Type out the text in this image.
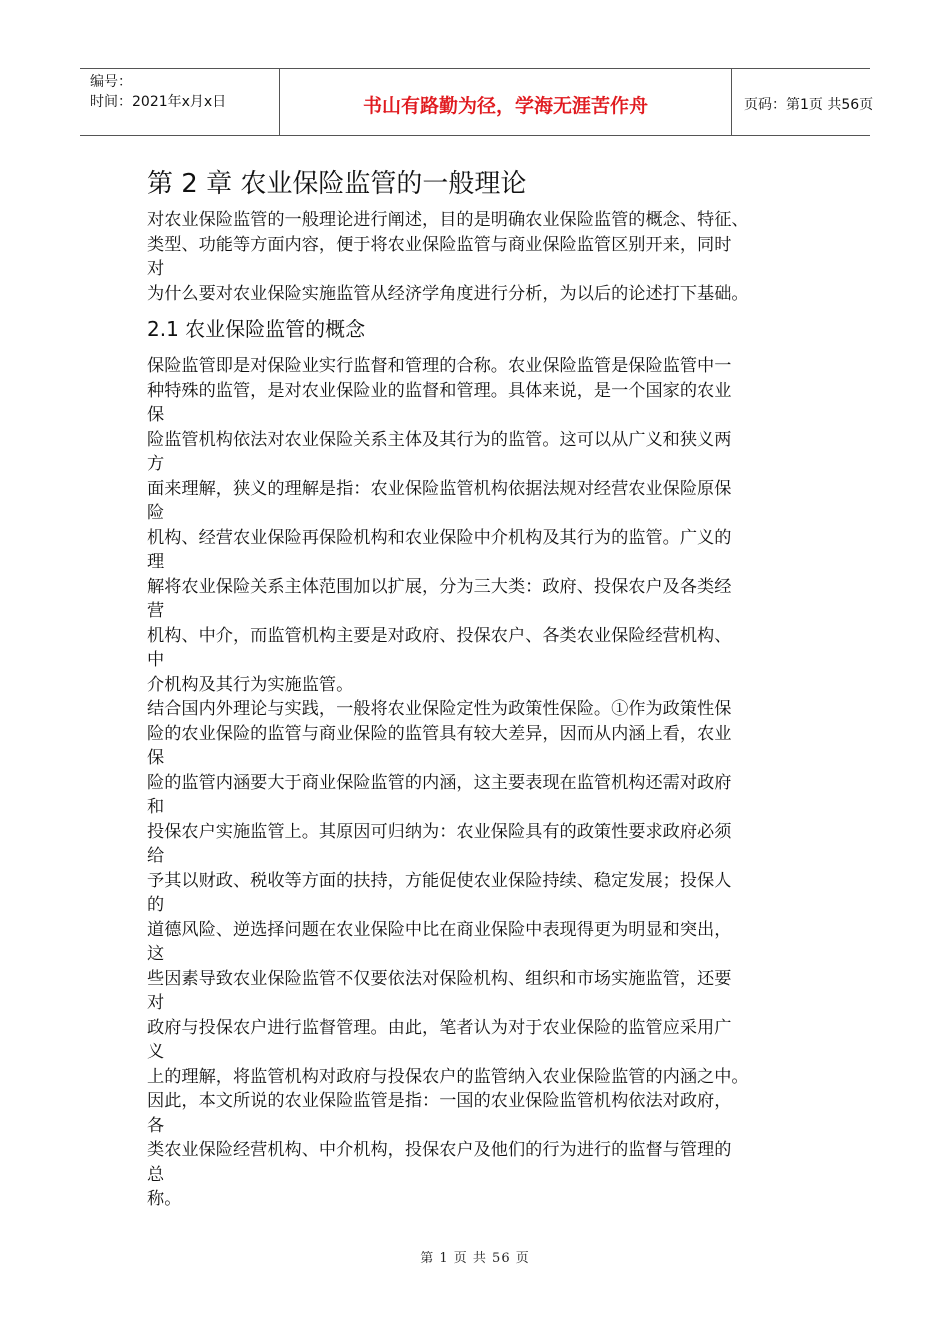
编号：
时间：2021年x月x日	书山有路勤为径，学海无涯苦作舟	页码：第1页 共56页
第 2 章 农业保险监管的一般理论
对农业保险监管的一般理论进行阐述，目的是明确农业保险监管的概念、特征、
类型、功能等方面内容，便于将农业保险监管与商业保险监管区别开来，同时
对
为什么要对农业保险实施监管从经济学角度进行分析，为以后的论述打下基础。
2.1 农业保险监管的概念
保险监管即是对保险业实行监督和管理的合称。农业保险监管是保险监管中一
种特殊的监管，是对农业保险业的监督和管理。具体来说，是一个国家的农业
保
险监管机构依法对农业保险关系主体及其行为的监管。这可以从广义和狭义两
方
面来理解，狭义的理解是指：农业保险监管机构依据法规对经营农业保险原保
险
机构、经营农业保险再保险机构和农业保险中介机构及其行为的监管。广义的
理
解将农业保险关系主体范围加以扩展，分为三大类：政府、投保农户及各类经
营
机构、中介，而监管机构主要是对政府、投保农户、各类农业保险经营机构、
中
介机构及其行为实施监管。
结合国内外理论与实践，一般将农业保险定性为政策性保险。①作为政策性保
险的农业保险的监管与商业保险的监管具有较大差异，因而从内涵上看，农业
保
险的监管内涵要大于商业保险监管的内涵，这主要表现在监管机构还需对政府
和
投保农户实施监管上。其原因可归纳为：农业保险具有的政策性要求政府必须
给
予其以财政、税收等方面的扶持，方能促使农业保险持续、稳定发展；投保人
的
道德风险、逆选择问题在农业保险中比在商业保险中表现得更为明显和突出，
这
些因素导致农业保险监管不仅要依法对保险机构、组织和市场实施监管，还要
对
政府与投保农户进行监督管理。由此，笔者认为对于农业保险的监管应采用广
义
上的理解，将监管机构对政府与投保农户的监管纳入农业保险监管的内涵之中。
因此，本文所说的农业保险监管是指：一国的农业保险监管机构依法对政府，
各
类农业保险经营机构、中介机构，投保农户及他们的行为进行的监督与管理的
总
称。
第 1 页 共 56 页
